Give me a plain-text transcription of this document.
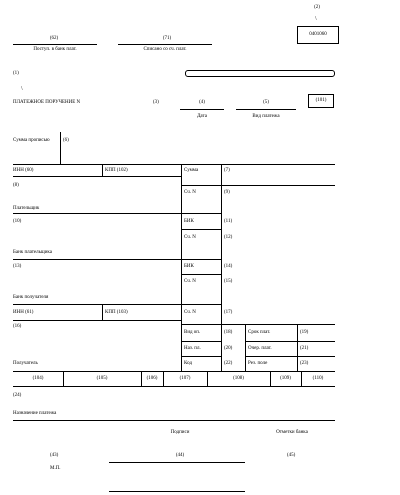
(2)
\
0401060
(62)	(71)
Поступ. в банк плат.	Списано со сч. плат.
(1)
\
ПЛАТЕЖНОЕ ПОРУЧЕНИЕ N	(3)	(4)	(5)	(101)
Дата	Вид платежа
Сумма прописью	(6)
ИНН (60)	КПП (102)	Сумма	(7)
(8)
Сч. N	(9)
Плательщик
(10)	БИК	(11)
Сч. N	(12)
Банк плательщика
(13)	БИК	(14)
Сч. N	(15)
Банк получателя
ИНН (61)	КПП (103)	Сч. N	(17)
(16)
Вид оп.	(18)	Срок плат.	(19)
Наз. пл.	(20)	Очер. плат.	(21)
Код	(22)	Рез. поле	(23)
Получатель
(104)	(105)	(106)	(107)	(108)	(109)	(110)
(24)
Назначение платежа
Подписи	Отметки банка
(43)	(44)	(45)
М.П.
